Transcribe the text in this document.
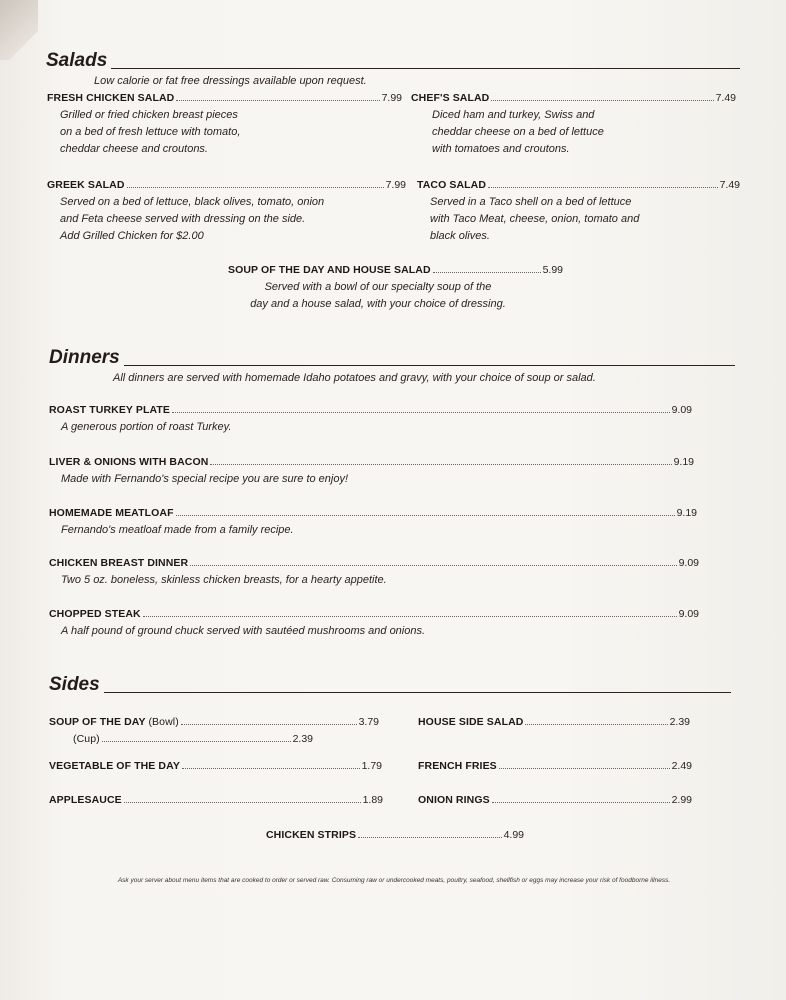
Salads
Low calorie or fat free dressings available upon request.
FRESH CHICKEN SALAD	7.99
Grilled or fried chicken breast pieces
on a bed of fresh lettuce with tomato,
cheddar cheese and croutons.
CHEF'S SALAD	7.49
Diced ham and turkey, Swiss and
cheddar cheese on a bed of lettuce
with tomatoes and croutons.
GREEK SALAD	7.99
Served on a bed of lettuce, black olives, tomato, onion
and Feta cheese served with dressing on the side.
Add Grilled Chicken for $2.00
TACO SALAD	7.49
Served in a Taco shell on a bed of lettuce
with Taco Meat, cheese, onion, tomato and
black olives.
SOUP OF THE DAY AND HOUSE SALAD	5.99
Served with a bowl of our specialty soup of the
day and a house salad, with your choice of dressing.
Dinners
All dinners are served with homemade Idaho potatoes and gravy, with your choice of soup or salad.
ROAST TURKEY PLATE	9.09
A generous portion of roast Turkey.
LIVER & ONIONS WITH BACON	9.19
Made with Fernando's special recipe you are sure to enjoy!
HOMEMADE MEATLOAF	9.19
Fernando's meatloaf made from a family recipe.
CHICKEN BREAST DINNER	9.09
Two 5 oz. boneless, skinless chicken breasts, for a hearty appetite.
CHOPPED STEAK	9.09
A half pound of ground chuck served with sautéed mushrooms and onions.
Sides
SOUP OF THE DAY (Bowl)	3.79
(Cup)	2.39
HOUSE SIDE SALAD	2.39
VEGETABLE OF THE DAY	1.79	FRENCH FRIES	2.49
APPLESAUCE	1.89	ONION RINGS	2.99
CHICKEN STRIPS	4.99
Ask your server about menu items that are cooked to order or served raw. Consuming raw or undercooked meats, poultry, seafood, shellfish or eggs may increase your risk of foodborne illness.
